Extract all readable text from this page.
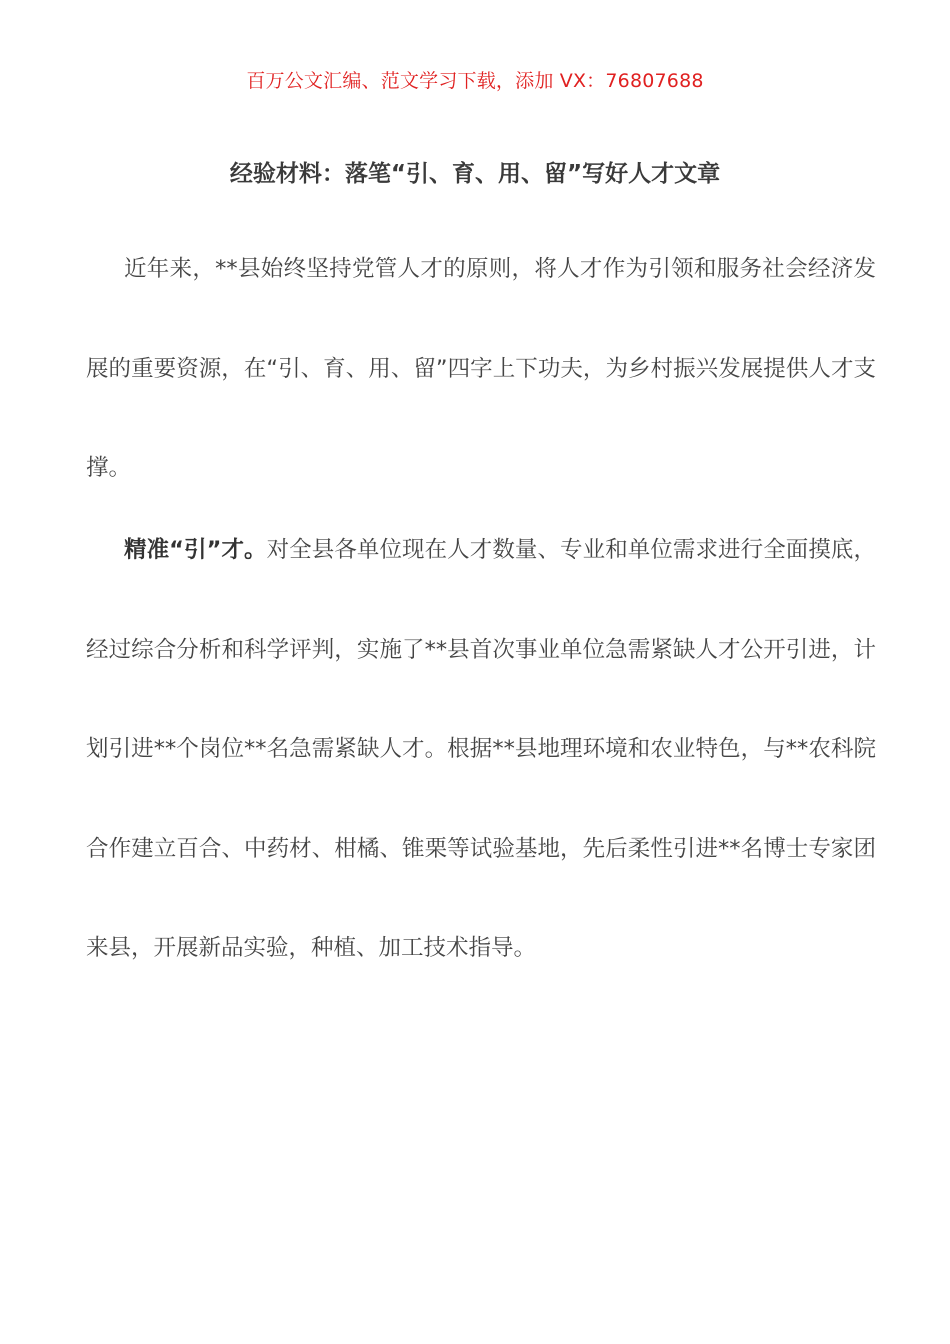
百万公文汇编、范文学习下载，添加 VX：76807688
经验材料：落笔“引、育、用、留”写好人才文章

近年来，**县始终坚持党管人才的原则，将人才作为引领和服务社会经济发展的重要资源，在“引、育、用、留”四字上下功夫，为乡村振兴发展提供人才支撑。

精准“引”才。对全县各单位现在人才数量、专业和单位需求进行全面摸底，经过综合分析和科学评判，实施了**县首次事业单位急需紧缺人才公开引进，计划引进**个岗位**名急需紧缺人才。根据**县地理环境和农业特色，与**农科院合作建立百合、中药材、柑橘、锥栗等试验基地，先后柔性引进**名博士专家团来县，开展新品实验，种植、加工技术指导。
